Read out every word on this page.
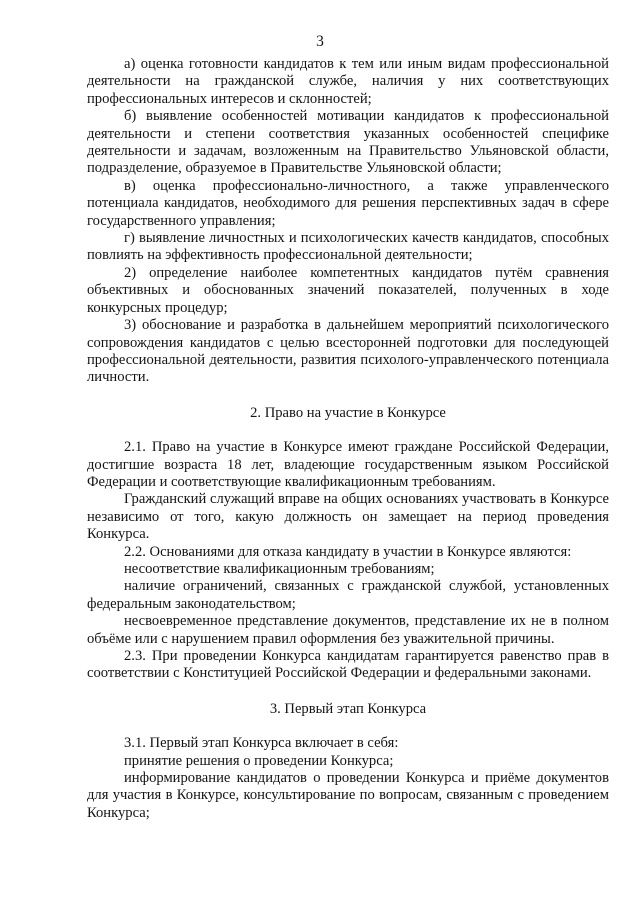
3

а) оценка готовности кандидатов к тем или иным видам профессиональной деятельности на гражданской службе, наличия у них соответствующих профессиональных интересов и склонностей;

б) выявление особенностей мотивации кандидатов к профессиональной деятельности и степени соответствия указанных особенностей специфике деятельности и задачам, возложенным на Правительство Ульяновской области, подразделение, образуемое в Правительстве Ульяновской области;

в) оценка профессионально-личностного, а также управленческого потенциала кандидатов, необходимого для решения перспективных задач в сфере государственного управления;

г) выявление личностных и психологических качеств кандидатов, способных повлиять на эффективность профессиональной деятельности;

2) определение наиболее компетентных кандидатов путём сравнения объективных и обоснованных значений показателей, полученных в ходе конкурсных процедур;

3) обоснование и разработка в дальнейшем мероприятий психологического сопровождения кандидатов с целью всесторонней подготовки для последующей профессиональной деятельности, развития психолого-управленческого потенциала личности.

2. Право на участие в Конкурсе

2.1. Право на участие в Конкурсе имеют граждане Российской Федерации, достигшие возраста 18 лет, владеющие государственным языком Российской Федерации и соответствующие квалификационным требованиям.

Гражданский служащий вправе на общих основаниях участвовать в Конкурсе независимо от того, какую должность он замещает на период проведения Конкурса.

2.2. Основаниями для отказа кандидату в участии в Конкурсе являются:

несоответствие квалификационным требованиям;

наличие ограничений, связанных с гражданской службой, установленных федеральным законодательством;

несвоевременное представление документов, представление их не в полном объёме или с нарушением правил оформления без уважительной причины.

2.3. При проведении Конкурса кандидатам гарантируется равенство прав в соответствии с Конституцией Российской Федерации и федеральными законами.

3. Первый этап Конкурса

3.1. Первый этап Конкурса включает в себя:

принятие решения о проведении Конкурса;

информирование кандидатов о проведении Конкурса и приёме документов для участия в Конкурсе, консультирование по вопросам, связанным с проведением Конкурса;
